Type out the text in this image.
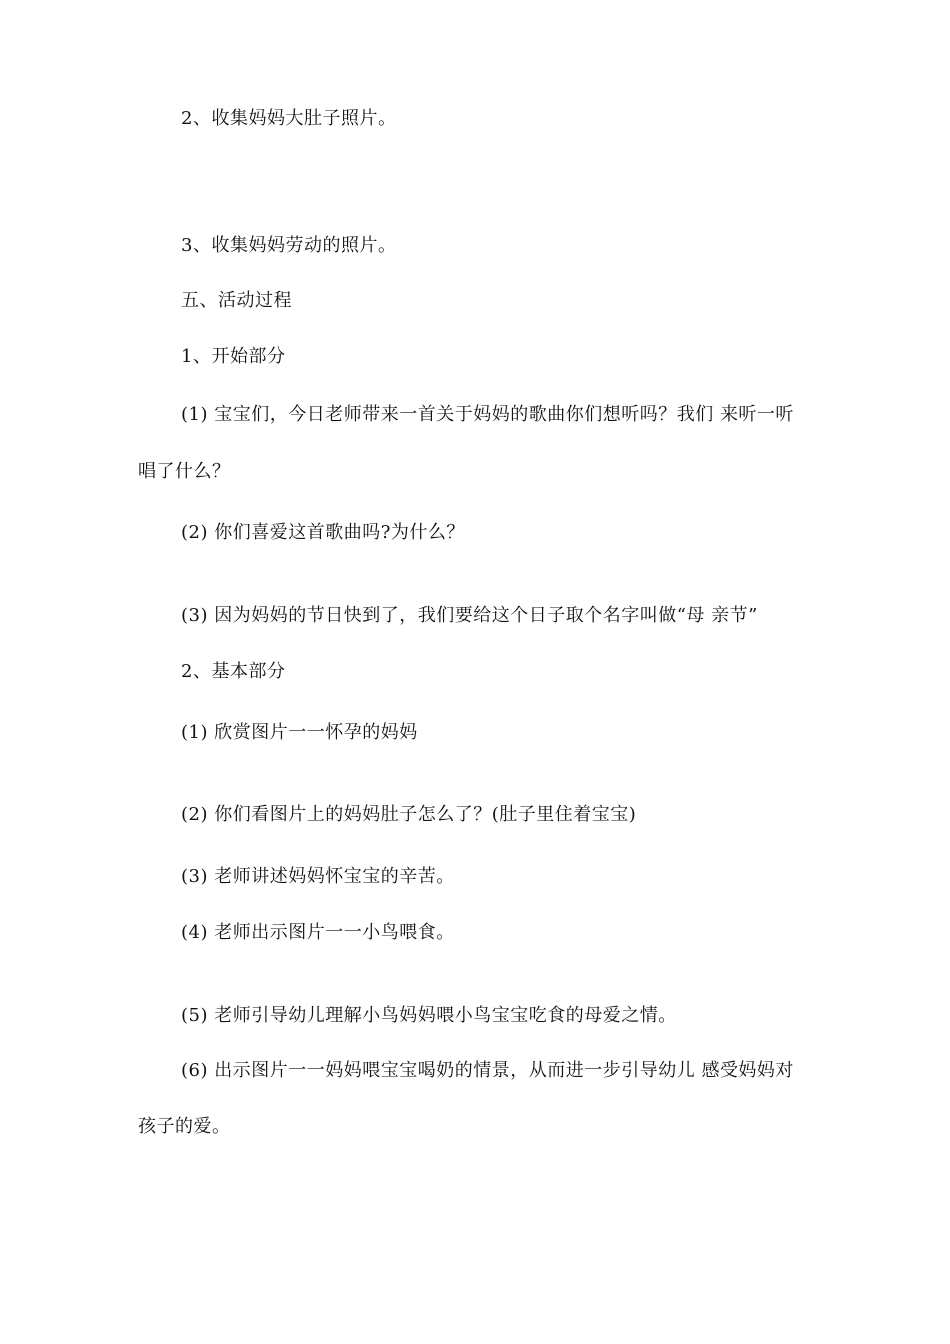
2、收集妈妈大肚子照片。
3、收集妈妈劳动的照片。
五、活动过程
1、开始部分
(1) 宝宝们，今日老师带来一首关于妈妈的歌曲你们想听吗？我们 来听一听
唱了什么？
(2) 你们喜爱这首歌曲吗?为什么？
(3) 因为妈妈的节日快到了，我们要给这个日子取个名字叫做“母 亲节”
2、基本部分
(1) 欣赏图片一一怀孕的妈妈
(2) 你们看图片上的妈妈肚子怎么了？(肚子里住着宝宝)
(3) 老师讲述妈妈怀宝宝的辛苦。
(4) 老师出示图片一一小鸟喂食。
(5) 老师引导幼儿理解小鸟妈妈喂小鸟宝宝吃食的母爱之情。
(6) 出示图片一一妈妈喂宝宝喝奶的情景，从而进一步引导幼儿 感受妈妈对
孩子的爱。
